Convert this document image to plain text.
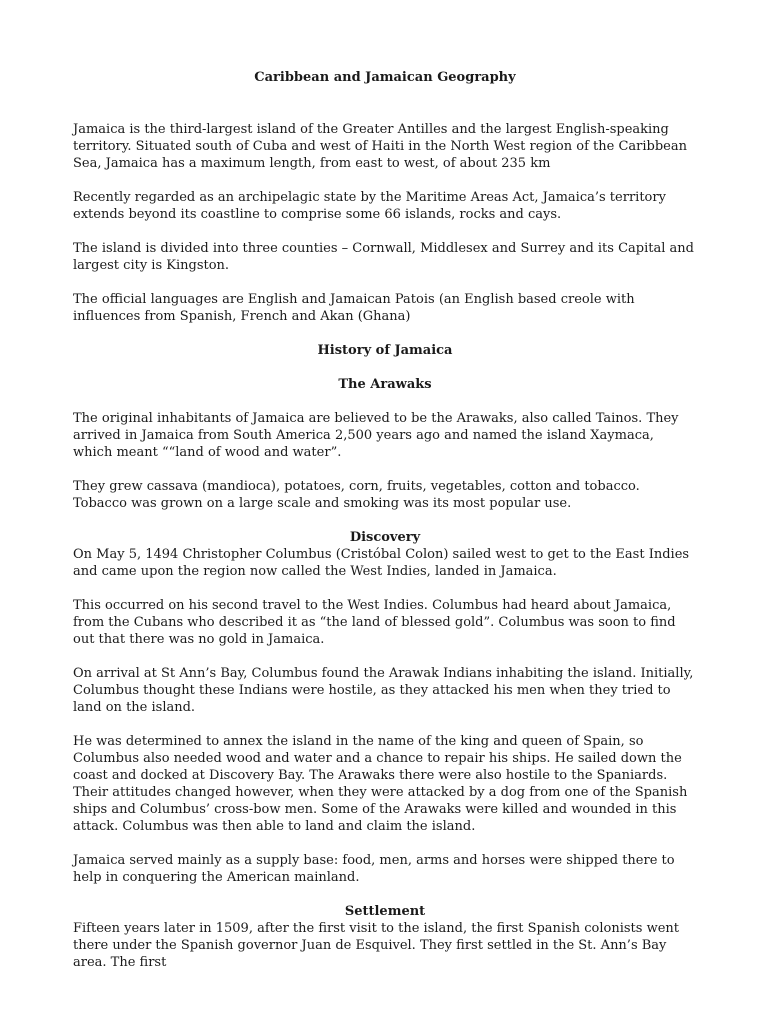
Caribbean and Jamaican Geography

Jamaica is the third-largest island of the Greater Antilles and the largest English-speaking territory. Situated south of Cuba and west of Haiti in the North West region of the Caribbean Sea, Jamaica has a maximum length, from east to west, of about 235 km

Recently regarded as an archipelagic state by the Maritime Areas Act, Jamaica’s territory extends beyond its coastline to comprise some 66 islands, rocks and cays.

The island is divided into three counties – Cornwall, Middlesex and Surrey and its Capital and largest city is Kingston.

The official languages are English and Jamaican Patois (an English based creole with influences from Spanish, French and Akan (Ghana)

History of Jamaica

The Arawaks

The original inhabitants of Jamaica are believed to be the Arawaks, also called Tainos. They arrived in Jamaica from South America 2,500 years ago and named the island Xaymaca, which meant ““land of wood and water”.

They grew cassava (mandioca), potatoes, corn, fruits, vegetables, cotton and tobacco. Tobacco was grown on a large scale and smoking was its most popular use.

Discovery

On May 5, 1494 Christopher Columbus (Cristóbal Colon) sailed west to get to the East Indies and came upon the region now called the West Indies, landed in Jamaica.

This occurred on his second travel to the West Indies. Columbus had heard about Jamaica, from the Cubans who described it as “the land of blessed gold”. Columbus was soon to find out that there was no gold in Jamaica.

On arrival at St Ann’s Bay, Columbus found the Arawak Indians inhabiting the island. Initially, Columbus thought these Indians were hostile, as they attacked his men when they tried to land on the island.

He was determined to annex the island in the name of the king and queen of Spain, so Columbus also needed wood and water and a chance to repair his ships. He sailed down the coast and docked at Discovery Bay. The Arawaks there were also hostile to the Spaniards. Their attitudes changed however, when they were attacked by a dog from one of the Spanish ships and Columbus’ cross-bow men. Some of the Arawaks were killed and wounded in this attack. Columbus was then able to land and claim the island.

Jamaica served mainly as a supply base: food, men, arms and horses were shipped there to help in conquering the American mainland.

Settlement

Fifteen years later in 1509, after the first visit to the island, the first Spanish colonists went there under the Spanish governor Juan de Esquivel. They first settled in the St. Ann’s Bay area. The first
